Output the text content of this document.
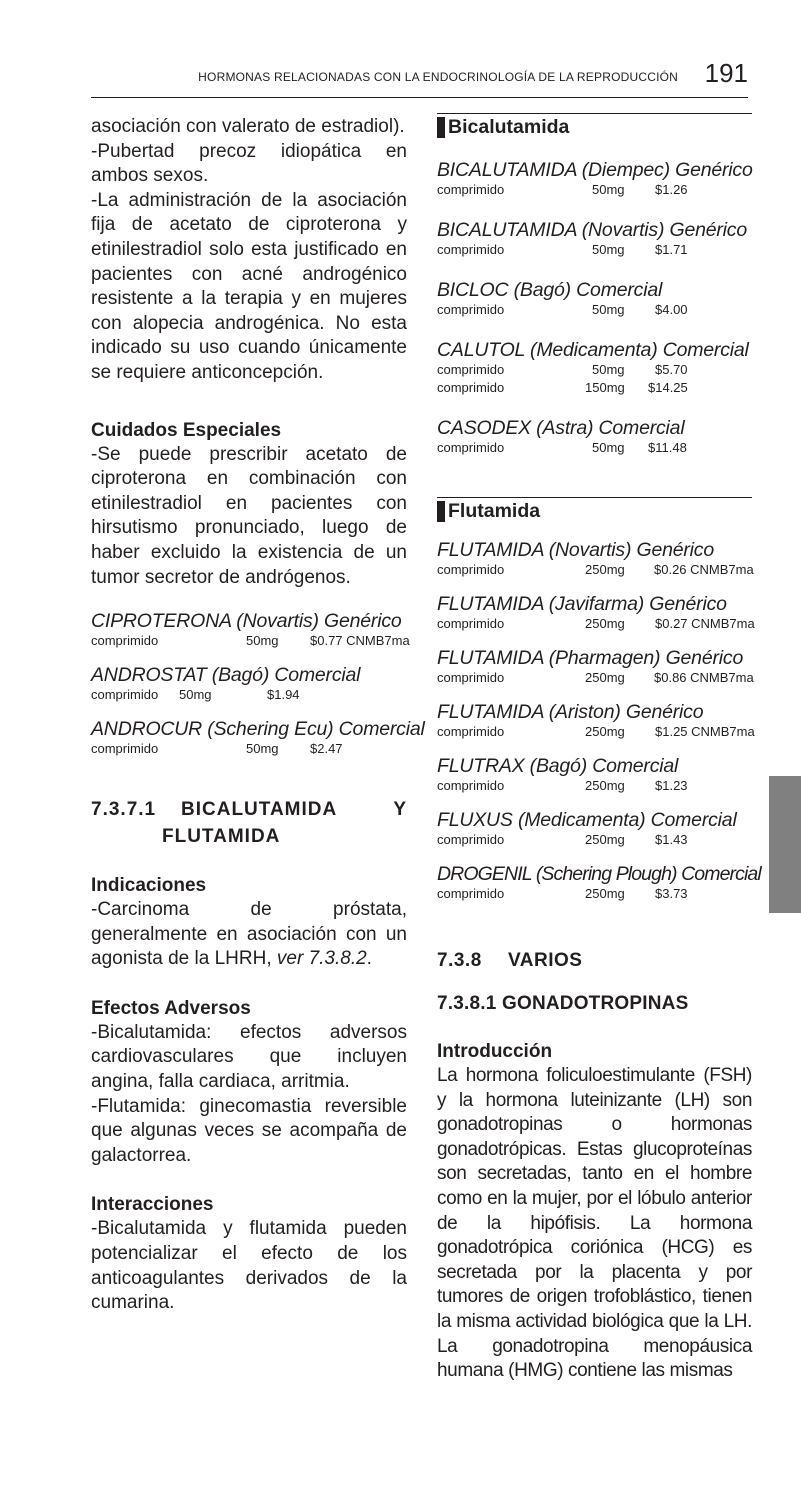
HORMONAS RELACIONADAS CON LA ENDOCRINOLOGÍA DE LA REPRODUCCIÓN 191

asociación con valerato de estradiol).

-Pubertad precoz idiopática en ambos sexos.

-La administración de la asociación fija de acetato de ciproterona y etinilestradiol solo esta justificado en pacientes con acné androgénico resistente a la terapia y en mujeres con alopecia androgénica. No esta indicado su uso cuando únicamente se requiere anticoncepción.

Cuidados Especiales

-Se puede prescribir acetato de ciproterona en combinación con etinilestradiol en pacientes con hirsutismo pronunciado, luego de haber excluido la existencia de un tumor secretor de andrógenos.

CIPROTERONA (Novartis) Genérico
comprimido	50mg $0.77 CNMB7ma
ANDROSTAT (Bagó) Comercial
comprimido 50mg	$1.94
ANDROCUR (Schering Ecu) Comercial
comprimido	50mg $2.47
7.3.7.1 BICALUTAMIDA	Y
FLUTAMIDA
Indicaciones

-Carcinoma de próstata, generalmente en asociación con un agonista de la LHRH, ver 7.3.8.2.

Efectos Adversos

-Bicalutamida: efectos adversos cardiovasculares que incluyen angina, falla cardiaca, arritmia.

-Flutamida: ginecomastia reversible que algunas veces se acompaña de galactorrea.

Interacciones

-Bicalutamida y flutamida pueden potencializar el efecto de los anticoagulantes derivados de la cumarina.

Bicalutamida
BICALUTAMIDA (Diempec) Genérico
comprimido	50mg $1.26
BICALUTAMIDA (Novartis) Genérico
comprimido	50mg $1.71
BICLOC (Bagó) Comercial
comprimido	50mg $4.00
CALUTOL (Medicamenta) Comercial
comprimido	50mg $5.70
comprimido	150mg $14.25
CASODEX (Astra) Comercial
comprimido	50mg $11.48
Flutamida
FLUTAMIDA (Novartis) Genérico
comprimido	250mg $0.26 CNMB7ma
FLUTAMIDA (Javifarma) Genérico
comprimido	250mg $0.27 CNMB7ma
FLUTAMIDA (Pharmagen) Genérico
comprimido	250mg $0.86 CNMB7ma
FLUTAMIDA (Ariston) Genérico
comprimido	250mg $1.25 CNMB7ma
FLUTRAX (Bagó) Comercial
comprimido	250mg $1.23
FLUXUS (Medicamenta) Comercial
comprimido	250mg $1.43
DROGENIL (Schering Plough) Comercial
comprimido	250mg $3.73
7.3.8 VARIOS
7.3.8.1 GONADOTROPINAS
Introducción

La hormona foliculoestimulante (FSH) y la hormona luteinizante (LH) son gonadotropinas o hormonas gonadotrópicas. Estas glucoproteínas son secretadas, tanto en el hombre como en la mujer, por el lóbulo anterior de la hipófisis. La hormona gonadotrópica coriónica (HCG) es secretada por la placenta y por tumores de origen trofoblástico, tienen la misma actividad biológica que la LH. La gonadotropina menopáusica humana (HMG) contiene las mismas
